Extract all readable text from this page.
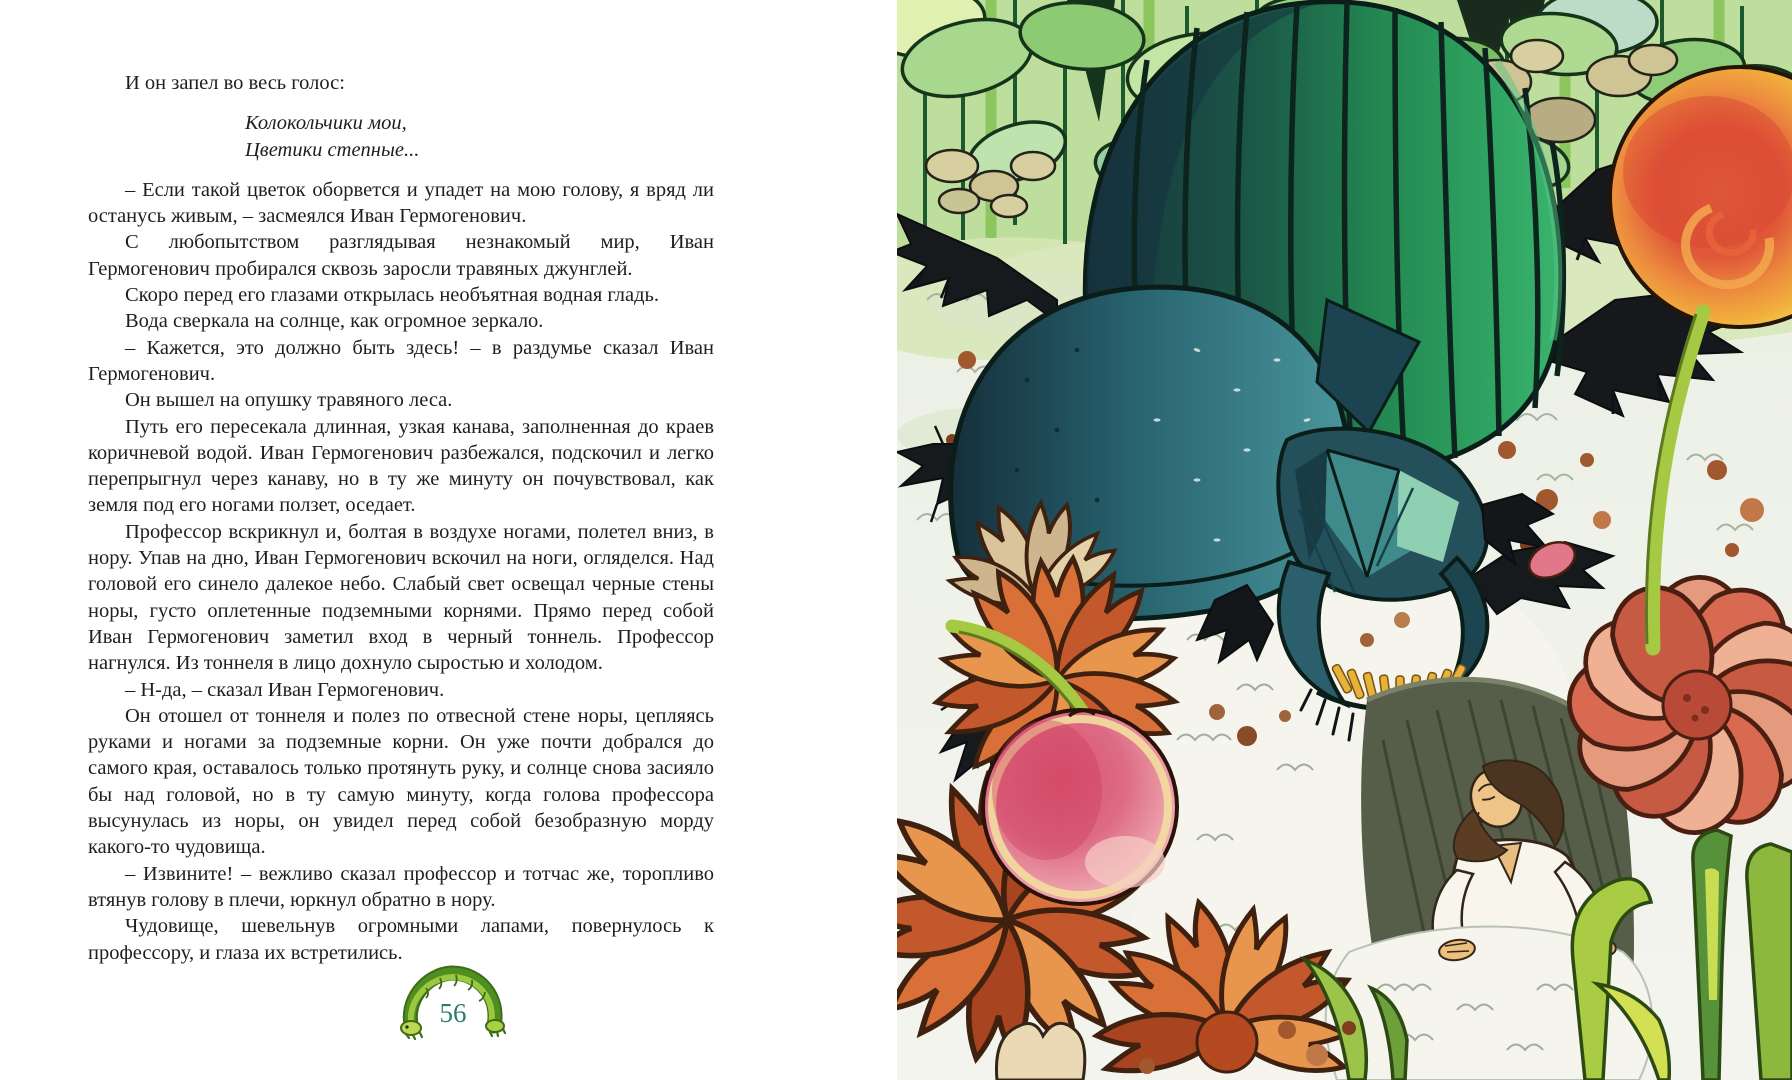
И он запел во весь голос:

Колокольчики мои,

Цветики степные...

– Если такой цветок оборвется и упадет на мою голову, я вряд ли останусь живым, – засмеялся Иван Гермогенович.

С любопытством разглядывая незнакомый мир, Иван Гермогенович пробирался сквозь заросли травяных джунглей.

Скоро перед его глазами открылась необъятная водная гладь.

Вода сверкала на солнце, как огромное зеркало.

– Кажется, это должно быть здесь! – в раздумье сказал Иван Гермогенович.

Он вышел на опушку травяного леса.

Путь его пересекала длинная, узкая канава, заполненная до краев коричневой водой. Иван Гермогенович разбежался, подскочил и легко перепрыгнул через канаву, но в ту же минуту он почувствовал, как земля под его ногами ползет, оседает.

Профессор вскрикнул и, болтая в воздухе ногами, полетел вниз, в нору. Упав на дно, Иван Гермогенович вскочил на ноги, огляделся. Над головой его синело далекое небо. Слабый свет освещал черные стены норы, густо оплетенные подземными корнями. Прямо перед собой Иван Гермогенович заметил вход в черный тоннель. Профессор нагнулся. Из тоннеля в лицо дохнуло сыростью и холодом.

– Н-да, – сказал Иван Гермогенович.

Он отошел от тоннеля и полез по отвесной стене норы, цепляясь руками и ногами за подземные корни. Он уже почти добрался до самого края, оставалось только протянуть руку, и солнце снова засияло бы над головой, но в ту самую минуту, когда голова профессора высунулась из норы, он увидел перед собой безобразную морду какого-то чудовища.

– Извините! – вежливо сказал профессор и тотчас же, торопливо втянув голову в плечи, юркнул обратно в нору.

Чудовище, шевельнув огромными лапами, повернулось к профессору, и глаза их встретились.

56
